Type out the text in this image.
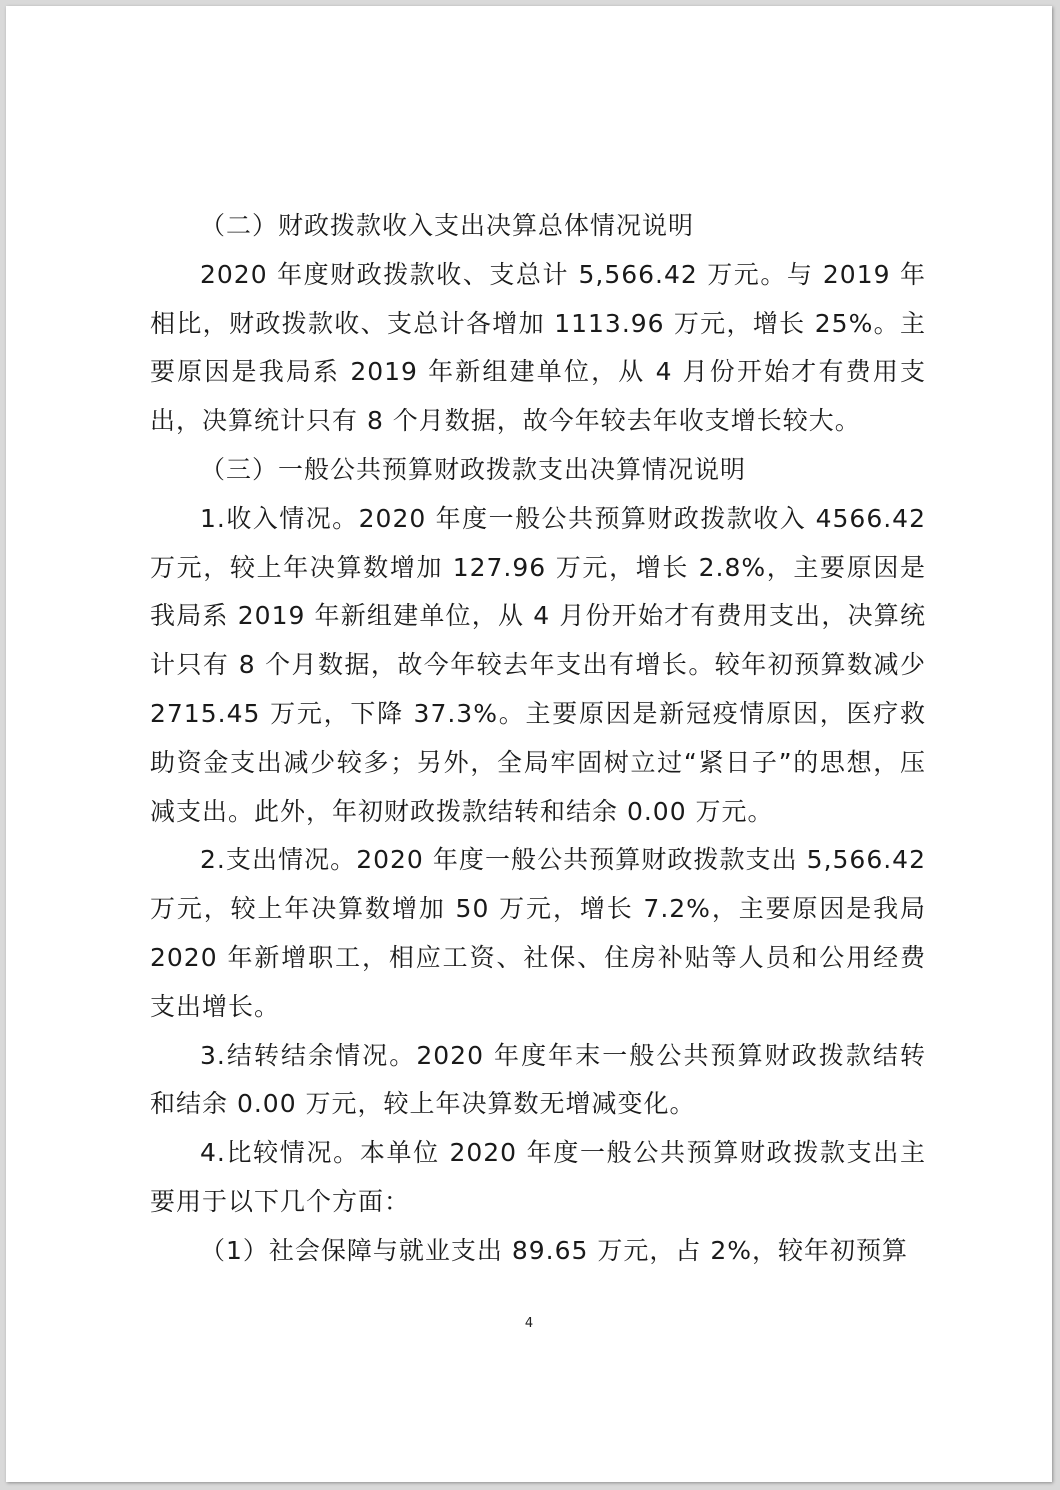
（二）财政拨款收入支出决算总体情况说明

2020 年度财政拨款收、支总计 5,566.42 万元。与 2019 年相比，财政拨款收、支总计各增加 1113.96 万元，增长 25%。主要原因是我局系 2019 年新组建单位，从 4 月份开始才有费用支出，决算统计只有 8 个月数据，故今年较去年收支增长较大。

（三）一般公共预算财政拨款支出决算情况说明

1.收入情况。2020 年度一般公共预算财政拨款收入 4566.42 万元，较上年决算数增加 127.96 万元，增长 2.8%，主要原因是我局系 2019 年新组建单位，从 4 月份开始才有费用支出，决算统计只有 8 个月数据，故今年较去年支出有增长。较年初预算数减少 2715.45 万元，下降 37.3%。主要原因是新冠疫情原因，医疗救助资金支出减少较多；另外，全局牢固树立过“紧日子”的思想，压减支出。此外，年初财政拨款结转和结余 0.00 万元。

2.支出情况。2020 年度一般公共预算财政拨款支出 5,566.42 万元，较上年决算数增加 50 万元，增长 7.2%，主要原因是我局 2020 年新增职工，相应工资、社保、住房补贴等人员和公用经费支出增长。

3.结转结余情况。2020 年度年末一般公共预算财政拨款结转和结余 0.00 万元，较上年决算数无增减变化。

4.比较情况。本单位 2020 年度一般公共预算财政拨款支出主要用于以下几个方面：

（1）社会保障与就业支出 89.65 万元，占 2%，较年初预算

4
